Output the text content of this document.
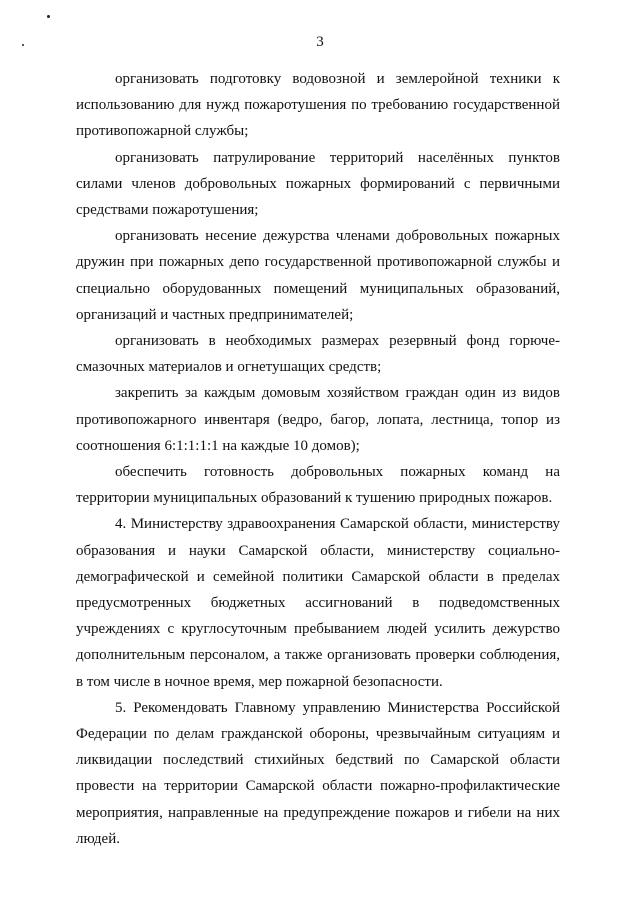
3

организовать подготовку водовозной и землеройной техники к использованию для нужд пожаротушения по требованию государственной противопожарной службы;

организовать патрулирование территорий населённых пунктов силами членов добровольных пожарных формирований с первичными средствами пожаротушения;

организовать несение дежурства членами добровольных пожарных дружин при пожарных депо государственной противопожарной службы и специально оборудованных помещений муниципальных образований, организаций и частных предпринимателей;

организовать в необходимых размерах резервный фонд горюче-смазочных материалов и огнетушащих средств;

закрепить за каждым домовым хозяйством граждан один из видов противопожарного инвентаря (ведро, багор, лопата, лестница, топор из соотношения 6:1:1:1:1 на каждые 10 домов);

обеспечить готовность добровольных пожарных команд на территории муниципальных образований к тушению природных пожаров.

4. Министерству здравоохранения Самарской области, министерству образования и науки Самарской области, министерству социально-демографической и семейной политики Самарской области в пределах предусмотренных бюджетных ассигнований в подведомственных учреждениях с круглосуточным пребыванием людей усилить дежурство дополнительным персоналом, а также организовать проверки соблюдения, в том числе в ночное время, мер пожарной безопасности.

5. Рекомендовать Главному управлению Министерства Российской Федерации по делам гражданской обороны, чрезвычайным ситуациям и ликвидации последствий стихийных бедствий по Самарской области провести на территории Самарской области пожарно-профилактические мероприятия, направленные на предупреждение пожаров и гибели на них людей.
